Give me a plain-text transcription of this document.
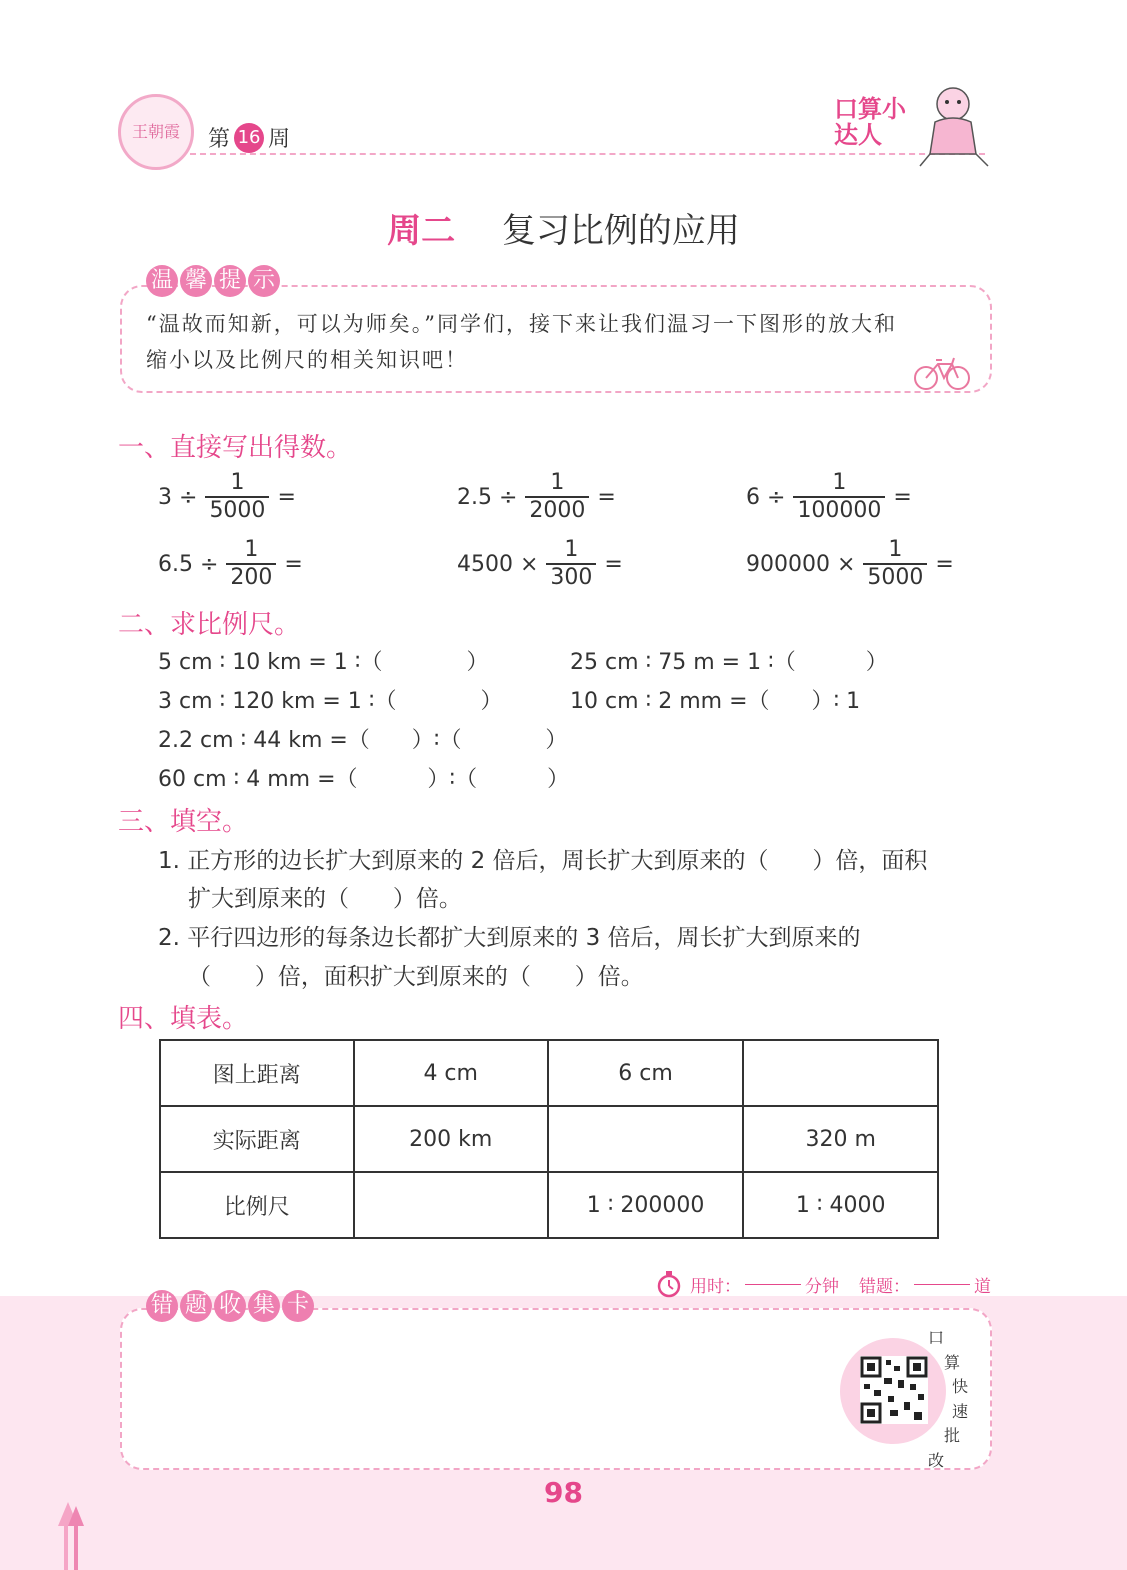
王朝霞	第 16 周
口算小达人
周二 复习比例的应用
温 馨 提 示
“温故而知新，可以为师矣。”同学们，接下来让我们温习一下图形的放大和
缩小以及比例尺的相关知识吧！
一、直接写出得数。
$3 \div \frac{1}{5000}$ =	$2.5 \div \frac{1}{2000}$ =	$6 \div \frac{1}{100000}$ =
$6.5 \div \frac{1}{200}$ =	$4500 \times \frac{1}{300}$ =	$900000 \times \frac{1}{5000}$ =
二、求比例尺。
5 cm ∶ 10 km = 1 ∶（            ）	25 cm ∶ 75 m = 1 ∶（          ）
3 cm ∶ 120 km = 1 ∶（            ）	10 cm ∶ 2 mm =（      ）∶ 1
2.2 cm ∶ 44 km =（      ）∶（            ）
60 cm ∶ 4 mm =（          ）∶（          ）
三、填空。
1. 正方形的边长扩大到原来的 2 倍后，周长扩大到原来的（      ）倍，面积
扩大到原来的（      ）倍。
2. 平行四边形的每条边长都扩大到原来的 3 倍后，周长扩大到原来的
（      ）倍，面积扩大到原来的（      ）倍。
四、填表。
图上距离	4 cm	6 cm	
实际距离	200 km		320 m
比例尺		1 ∶ 200000	1 ∶ 4000
用时：	分钟 错题：	道
错 题 收 集 卡
口
算
快
速
批
改
98
